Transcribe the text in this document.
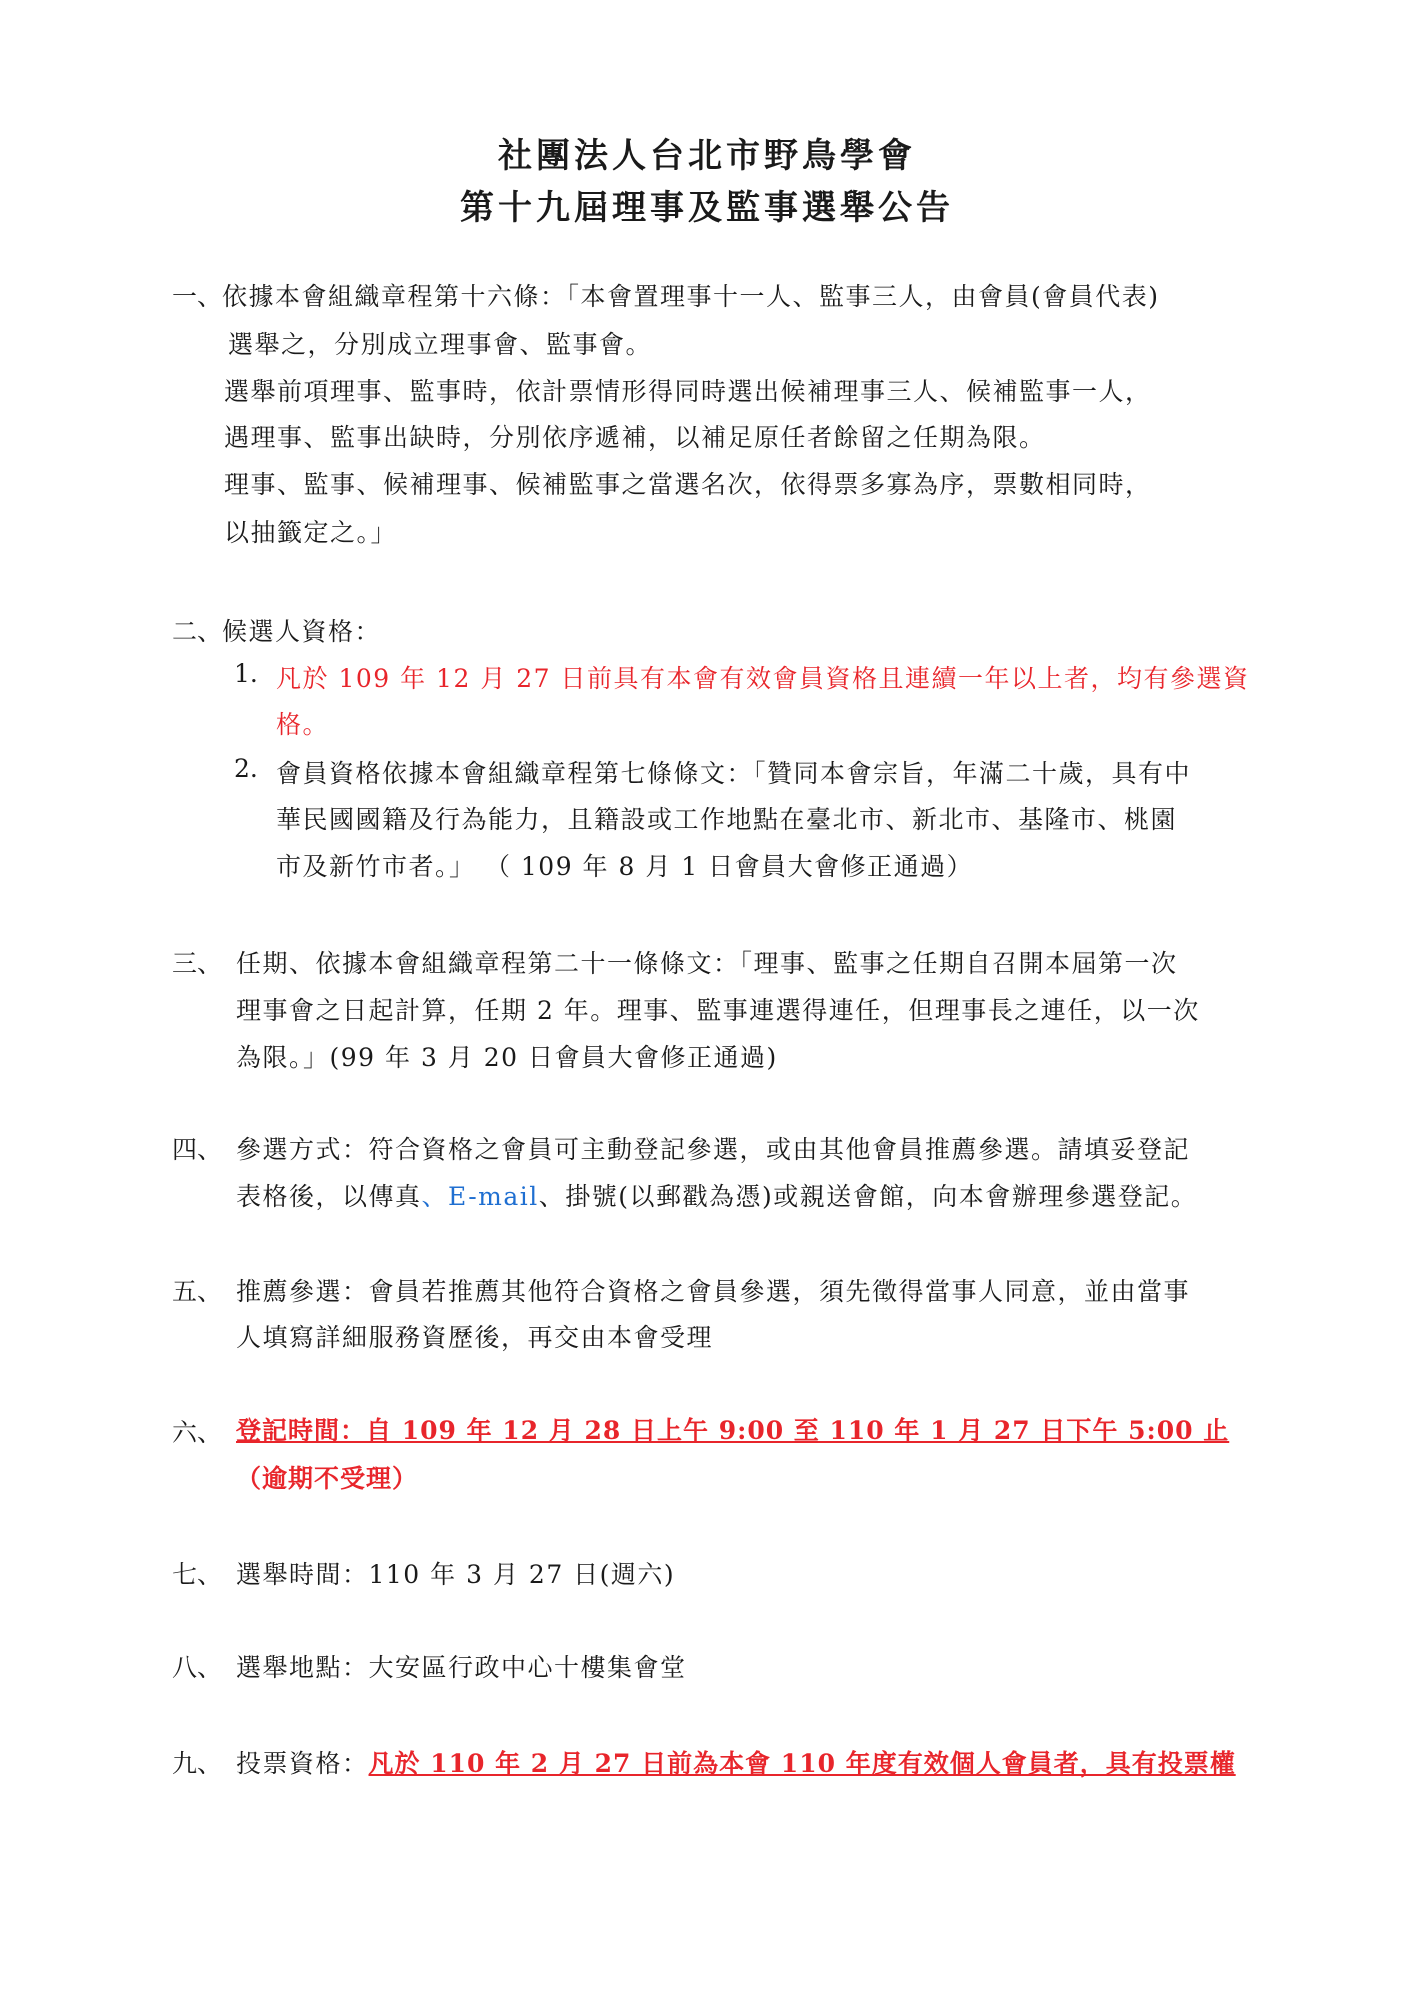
社團法人台北市野鳥學會
第十九屆理事及監事選舉公告
一、 依據本會組織章程第十六條：「本會置理事十一人、監事三人，由會員(會員代表)
選舉之，分別成立理事會、監事會。
選舉前項理事、監事時，依計票情形得同時選出候補理事三人、候補監事一人，
遇理事、監事出缺時，分別依序遞補，以補足原任者餘留之任期為限。
理事、監事、候補理事、候補監事之當選名次，依得票多寡為序，票數相同時，
以抽籤定之。」
二、 候選人資格：
1. 凡於 109 年 12 月 27 日前具有本會有效會員資格且連續一年以上者，均有參選資
格。
2. 會員資格依據本會組織章程第七條條文：「贊同本會宗旨，年滿二十歲，具有中
華民國國籍及行為能力，且籍設或工作地點在臺北市、新北市、基隆市、桃園
市及新竹市者。」 （ 109 年 8 月 1 日會員大會修正通過）
三、 任期、依據本會組織章程第二十一條條文：「理事、監事之任期自召開本屆第一次
理事會之日起計算，任期 2 年。理事、監事連選得連任，但理事長之連任，以一次
為限。」(99 年 3 月 20 日會員大會修正通過)
四、 參選方式：符合資格之會員可主動登記參選，或由其他會員推薦參選。請填妥登記
表格後，以傳真、E-mail、掛號(以郵戳為憑)或親送會館，向本會辦理參選登記。
五、 推薦參選：會員若推薦其他符合資格之會員參選，須先徵得當事人同意，並由當事
人填寫詳細服務資歷後，再交由本會受理
六、 登記時間：自 109 年 12 月 28 日上午 9:00 至 110 年 1 月 27 日下午 5:00 止
（逾期不受理）
七、 選舉時間：110 年 3 月 27 日(週六)
八、 選舉地點：大安區行政中心十樓集會堂
九、 投票資格：凡於 110 年 2 月 27 日前為本會 110 年度有效個人會員者，具有投票權
